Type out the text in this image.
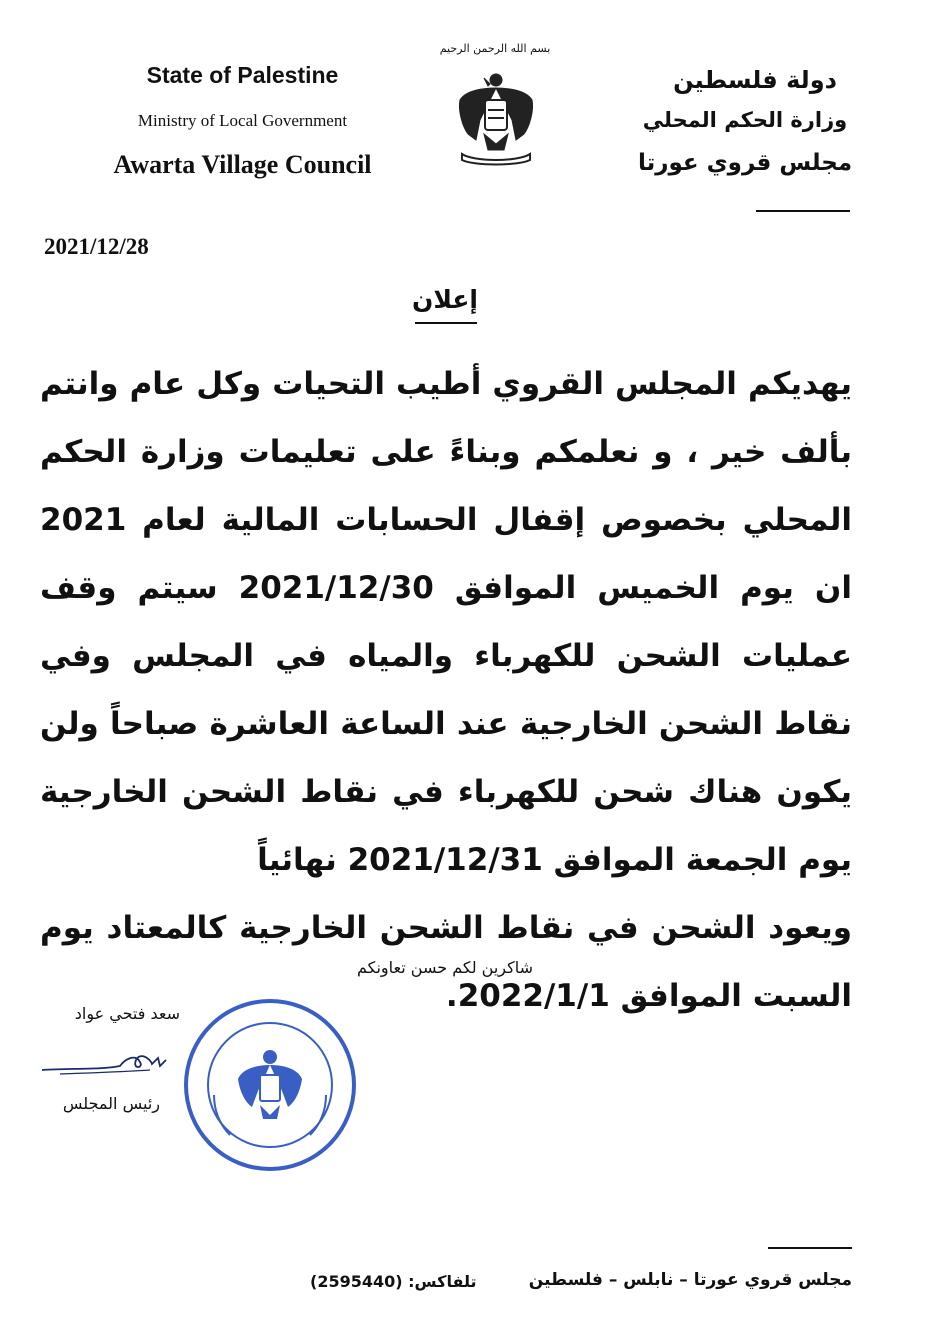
State of Palestine
Ministry of Local Government
Awarta Village Council
بسم الله الرحمن الرحيم
دولة فلسطين
وزارة الحكم المحلي
مجلس قروي عورتا
2021/12/28
إعلان

يهديكم المجلس القروي أطيب التحيات وكل عام وانتم بألف خير ، و نعلمكم وبناءً على تعليمات وزارة الحكم المحلي بخصوص إقفال الحسابات المالية لعام 2021 ان يوم الخميس الموافق 2021/12/30 سيتم وقف عمليات الشحن للكهرباء والمياه في المجلس وفي نقاط الشحن الخارجية عند الساعة العاشرة صباحاً ولن يكون هناك شحن للكهرباء في نقاط الشحن الخارجية يوم الجمعة الموافق 2021/12/31 نهائياً

ويعود الشحن في نقاط الشحن الخارجية كالمعتاد يوم السبت الموافق 2022/1/1.

شاكرين لكم حسن تعاونكم
سعد فتحي عواد
رئيس المجلس
مجلس قروي عورتا – نابلس – فلسطين
تلفاكس: (2595440)
